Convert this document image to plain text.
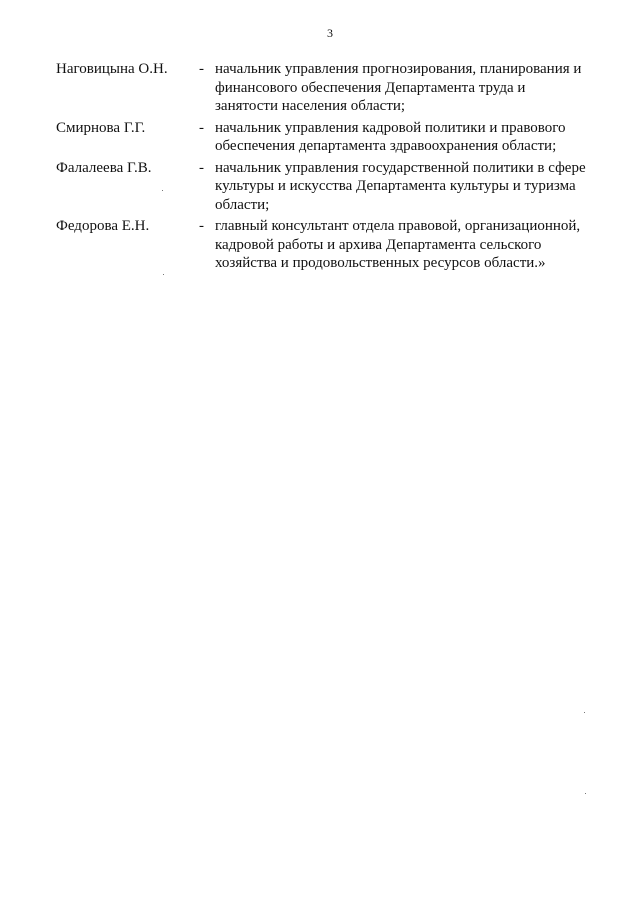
3
Наговицына О.Н.	- начальник управления прогнозирования, планирования и финансового обеспечения Департамента труда и занятости населения области;
Смирнова Г.Г.	- начальник управления кадровой политики и правового обеспечения департамента здравоохранения области;
Фалалеева Г.В.	- начальник управления государственной политики в сфере культуры и искусства Департамента культуры и туризма области;
Федорова Е.Н.	- главный консультант отдела правовой, организационной, кадровой работы и архива Департамента сельского хозяйства и продовольственных ресурсов области.»
